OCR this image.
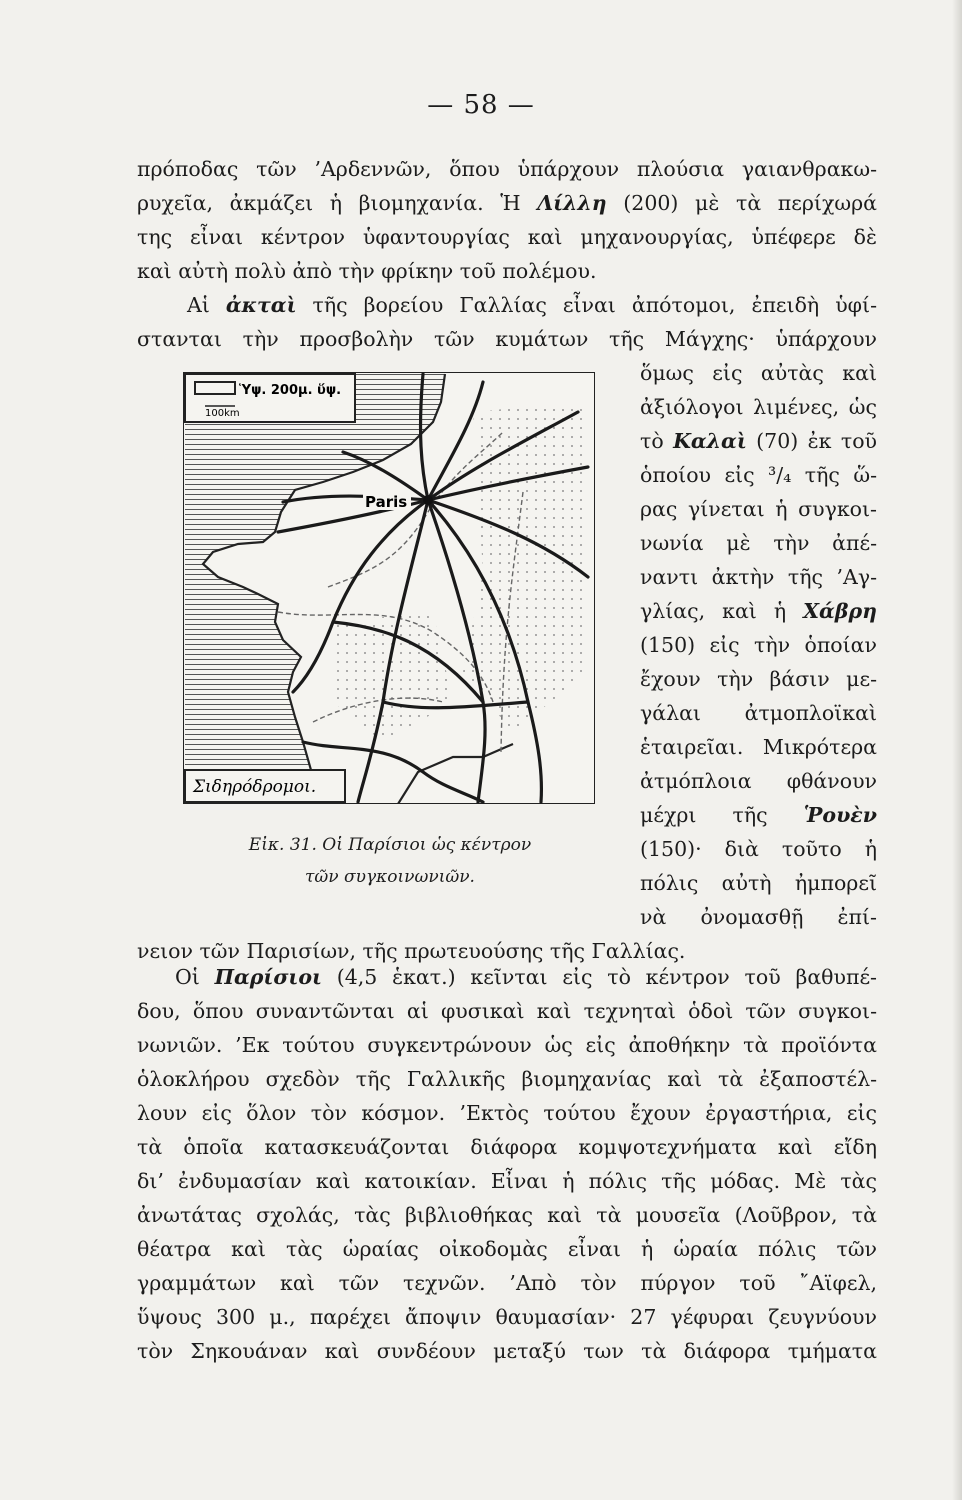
— 58 —
πρόποδας τῶν ’Αρδεννῶν, ὅπου ὑπάρχουν πλούσια γαιανθρακω-
ρυχεῖα, ἀκμάζει ἡ βιομηχανία. Ἡ Λίλλη (200) μὲ τὰ περίχωρά
της εἶναι κέντρον ὑφαντουργίας καὶ μηχανουργίας, ὑπέφερε δὲ
καὶ αὐτὴ πολὺ ἀπὸ τὴν φρίκην τοῦ πολέμου.
Αἱ ἀκταὶ τῆς βορείου Γαλλίας εἶναι ἀπότομοι, ἐπειδὴ ὑφί-
στανται τὴν προσβολὴν τῶν κυμάτων τῆς Μάγχης· ὑπάρχουν
ὅμως εἰς αὐτὰς καὶ
ἀξιόλογοι λιμένες, ὡς
τὸ Καλαὶ (70) ἐκ τοῦ
ὁποίου εἰς ³/₄ τῆς ὥ-
ρας γίνεται ἡ συγκοι-
νωνία μὲ τὴν ἀπέ-
ναντι ἀκτὴν τῆς ’Αγ-
γλίας, καὶ ἡ Χάβρη
(150) εἰς τὴν ὁποίαν
ἔχουν τὴν βάσιν με-
γάλαι ἀτμοπλοϊκαὶ
ἑταιρεῖαι. Μικρότερα
ἀτμόπλοια φθάνουν
μέχρι τῆς Ῥουὲν
(150)· διὰ τοῦτο ἡ
πόλις αὐτὴ ἠμπορεῖ
νὰ ὀνομασθῇ ἐπί-
νειον τῶν Παρισίων, τῆς πρωτευούσης τῆς Γαλλίας.
Ὑψ. 200μ. ὕψ.
100km
Paris
Σιδηρόδρομοι.
Εἰκ. 31. Οἱ Παρίσιοι ὡς κέντρον
τῶν συγκοινωνιῶν.
Οἱ Παρίσιοι (4,5 ἑκατ.) κεῖνται εἰς τὸ κέντρον τοῦ βαθυπέ-
δου, ὅπου συναντῶνται αἱ φυσικαὶ καὶ τεχνηταὶ ὁδοὶ τῶν συγκοι-
νωνιῶν. ’Εκ τούτου συγκεντρώνουν ὡς εἰς ἀποθήκην τὰ προϊόντα
ὁλοκλήρου σχεδὸν τῆς Γαλλικῆς βιομηχανίας καὶ τὰ ἐξαποστέλ-
λουν εἰς ὅλον τὸν κόσμον. ’Εκτὸς τούτου ἔχουν ἐργαστήρια, εἰς
τὰ ὁποῖα κατασκευάζονται διάφορα κομψοτεχνήματα καὶ εἴδη
δι’ ἐνδυμασίαν καὶ κατοικίαν. Εἶναι ἡ πόλις τῆς μόδας. Μὲ τὰς
ἀνωτάτας σχολάς, τὰς βιβλιοθήκας καὶ τὰ μουσεῖα (Λοῦβρον, τὰ
θέατρα καὶ τὰς ὡραίας οἰκοδομὰς εἶναι ἡ ὡραία πόλις τῶν
γραμμάτων καὶ τῶν τεχνῶν. ’Απὸ τὸν πύργον τοῦ ῎Αϊφελ,
ὕψους 300 μ., παρέχει ἄποψιν θαυμασίαν· 27 γέφυραι ζευγνύουν
τὸν Σηκουάναν καὶ συνδέουν μεταξύ των τὰ διάφορα τμήματα
